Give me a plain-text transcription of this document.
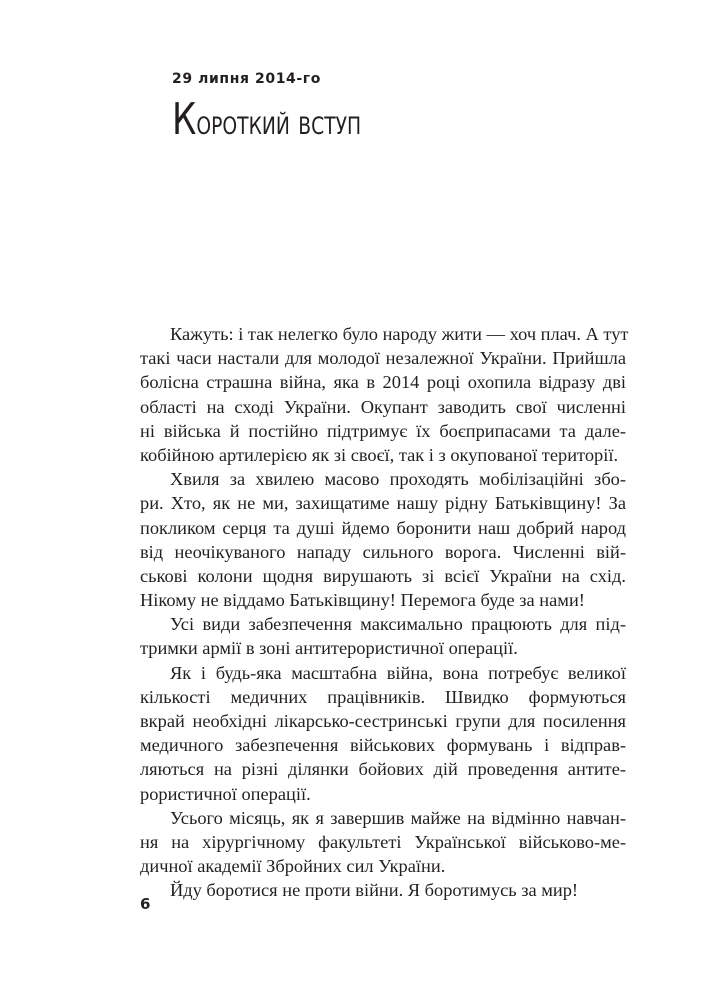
29 липня 2014-го
Короткий вступ
Кажуть: і так нелегко було народу жити — хоч плач. А тут
такі часи настали для молодої незалежної України. Прийшла
болісна страшна війна, яка в 2014 році охопила відразу дві
області на сході України. Окупант заводить свої численні
ні війська й постійно підтримує їх боєприпасами та дале-
кобійною артилерією як зі своєї, так і з окупованої території.
Хвиля за хвилею масово проходять мобілізаційні збо-
ри. Хто, як не ми, захищатиме нашу рідну Батьківщину! За
покликом серця та душі йдемо боронити наш добрий народ
від неочікуваного нападу сильного ворога. Численні вій-
ськові колони щодня вирушають зі всієї України на схід.
Нікому не віддамо Батьківщину! Перемога буде за нами!
Усі види забезпечення максимально працюють для під-
тримки армії в зоні антитерористичної операції.
Як і будь-яка масштабна війна, вона потребує великої
кількості медичних працівників. Швидко формуються
вкрай необхідні лікарсько-сестринські групи для посилення
медичного забезпечення військових формувань і відправ-
ляються на різні ділянки бойових дій проведення антите-
рористичної операції.
Усього місяць, як я завершив майже на відмінно навчан-
ня на хірургічному факультеті Української військово-ме-
дичної академії Збройних сил України.
Йду боротися не проти війни. Я боротимусь за мир!
6
